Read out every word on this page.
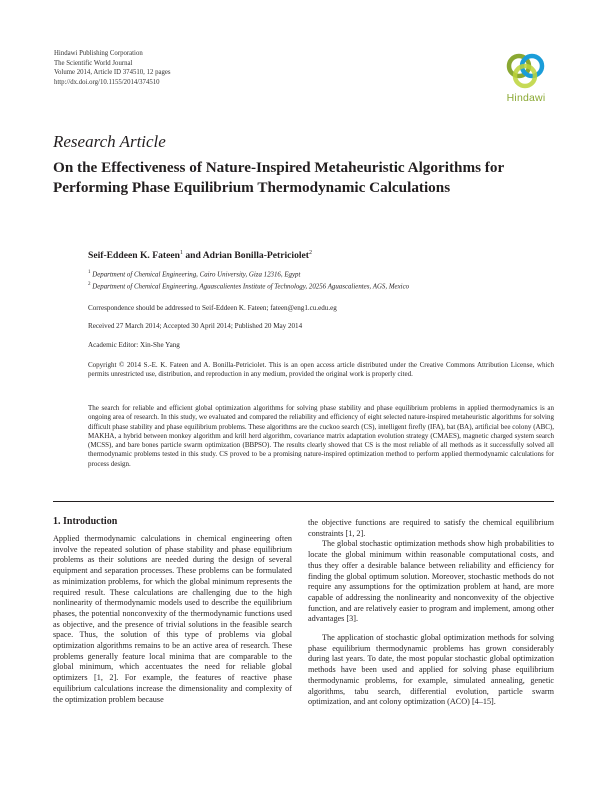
Hindawi Publishing Corporation
The Scientific World Journal
Volume 2014, Article ID 374510, 12 pages
http://dx.doi.org/10.1155/2014/374510
Hindawi
Research Article
On the Effectiveness of Nature-Inspired Metaheuristic Algorithms for Performing Phase Equilibrium Thermodynamic Calculations
Seif-Eddeen K. Fateen$^1$ and Adrian Bonilla-Petriciolet$^2$
$^1$ Department of Chemical Engineering, Cairo University, Giza 12316, Egypt
$^2$ Department of Chemical Engineering, Aguascalientes Institute of Technology, 20256 Aguascalientes, AGS, Mexico
Correspondence should be addressed to Seif-Eddeen K. Fateen; fateen@eng1.cu.edu.eg
Received 27 March 2014; Accepted 30 April 2014; Published 20 May 2014
Academic Editor: Xin-She Yang
Copyright © 2014 S.-E. K. Fateen and A. Bonilla-Petriciolet. This is an open access article distributed under the Creative Commons Attribution License, which permits unrestricted use, distribution, and reproduction in any medium, provided the original work is properly cited.
The search for reliable and efficient global optimization algorithms for solving phase stability and phase equilibrium problems in applied thermodynamics is an ongoing area of research. In this study, we evaluated and compared the reliability and efficiency of eight selected nature-inspired metaheuristic algorithms for solving difficult phase stability and phase equilibrium problems. These algorithms are the cuckoo search (CS), intelligent firefly (IFA), bat (BA), artificial bee colony (ABC), MAKHA, a hybrid between monkey algorithm and krill herd algorithm, covariance matrix adaptation evolution strategy (CMAES), magnetic charged system search (MCSS), and bare bones particle swarm optimization (BBPSO). The results clearly showed that CS is the most reliable of all methods as it successfully solved all thermodynamic problems tested in this study. CS proved to be a promising nature-inspired optimization method to perform applied thermodynamic calculations for process design.
1. Introduction
Applied thermodynamic calculations in chemical engineering often involve the repeated solution of phase stability and phase equilibrium problems as their solutions are needed during the design of several equipment and separation processes. These problems can be formulated as minimization problems, for which the global minimum represents the required result. These calculations are challenging due to the high nonlinearity of thermodynamic models used to describe the equilibrium phases, the potential nonconvexity of the thermodynamic functions used as objective, and the presence of trivial solutions in the feasible search space. Thus, the solution of this type of problems via global optimization algorithms remains to be an active area of research. These problems generally feature local minima that are comparable to the global minimum, which accentuates the need for reliable global optimizers [1, 2]. For example, the features of reactive phase equilibrium calculations increase the dimensionality and complexity of the optimization problem because

the objective functions are required to satisfy the chemical equilibrium constraints [1, 2].

The global stochastic optimization methods show high probabilities to locate the global minimum within reasonable computational costs, and thus they offer a desirable balance between reliability and efficiency for finding the global optimum solution. Moreover, stochastic methods do not require any assumptions for the optimization problem at hand, are more capable of addressing the nonlinearity and nonconvexity of the objective function, and are relatively easier to program and implement, among other advantages [3].

The application of stochastic global optimization methods for solving phase equilibrium thermodynamic problems has grown considerably during last years. To date, the most popular stochastic global optimization methods have been used and applied for solving phase equilibrium thermodynamic problems, for example, simulated annealing, genetic algorithms, tabu search, differential evolution, particle swarm optimization, and ant colony optimization (ACO) [4–15].
